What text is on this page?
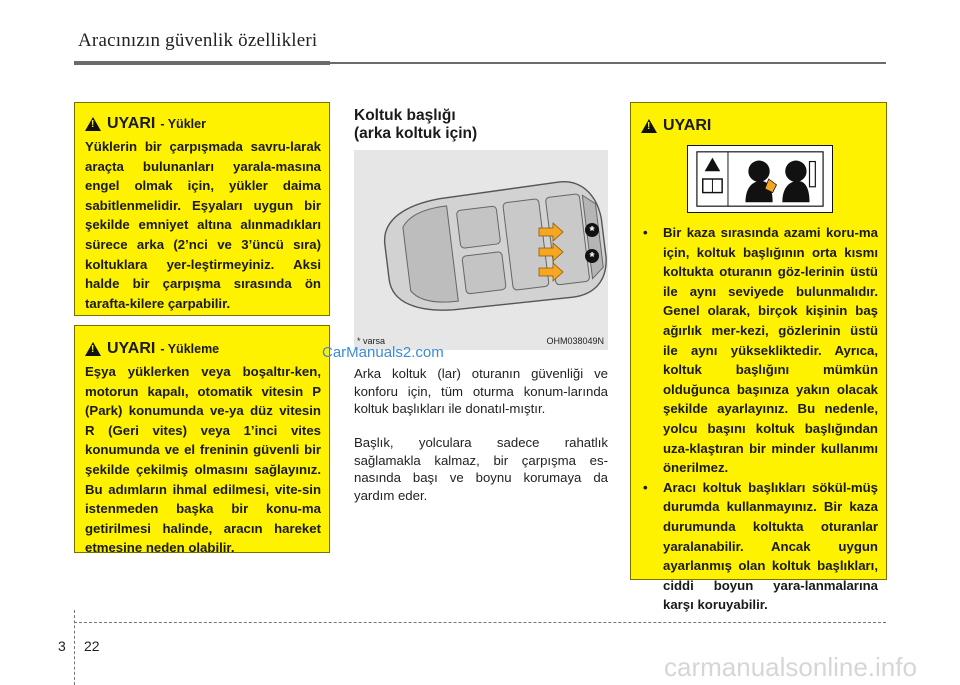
Aracınızın güvenlik özellikleri
! UYARI - Yükler
Yüklerin bir çarpışmada savru-larak araçta bulunanları yarala-masına engel olmak için, yükler daima sabitlenmelidir. Eşyaları uygun bir şekilde emniyet altına alınmadıkları sürece arka (2’nci ve 3’üncü sıra) koltuklara yer-leştirmeyiniz. Aksi halde bir çarpışma sırasında ön tarafta-kilere çarpabilir.
! UYARI - Yükleme
Eşya yüklerken veya boşaltır-ken, motorun kapalı, otomatik vitesin P (Park) konumunda ve-ya düz vitesin R (Geri vites) veya 1’inci vites konumunda ve el freninin güvenli bir şekilde çekilmiş olmasını sağlayınız. Bu adımların ihmal edilmesi, vite-sin istenmeden başka bir konu-ma getirilmesi halinde, aracın hareket etmesine neden olabilir.
Koltuk başlığı
(arka koltuk için)
*
*
* varsa	OHM038049N
CarManuals2.com
Arka koltuk (lar) oturanın güvenliği ve konforu için, tüm oturma konum-larında koltuk başlıkları ile donatıl-mıştır.
Başlık, yolculara sadece rahatlık sağlamakla kalmaz, bir çarpışma es-nasında başı ve boynu korumaya da yardım eder.
! UYARI
• Bir kaza sırasında azami koru-ma için, koltuk başlığının orta kısmı koltukta oturanın göz-lerinin üstü ile aynı seviyede bulunmalıdır. Genel olarak, birçok kişinin baş ağırlık mer-kezi, gözlerinin üstü ile aynı yüksekliktedir. Ayrıca, koltuk başlığını mümkün olduğunca başınıza yakın olacak şekilde ayarlayınız. Bu nedenle, yolcu başını koltuk başlığından uza-klaştıran bir minder kullanımı önerilmez.
• Aracı koltuk başlıkları sökül-müş durumda kullanmayınız. Bir kaza durumunda koltukta oturanlar yaralanabilir. Ancak uygun ayarlanmış olan koltuk başlıkları, ciddi boyun yara-lanmalarına karşı koruyabilir.
3 22
carmanualsonline.info
